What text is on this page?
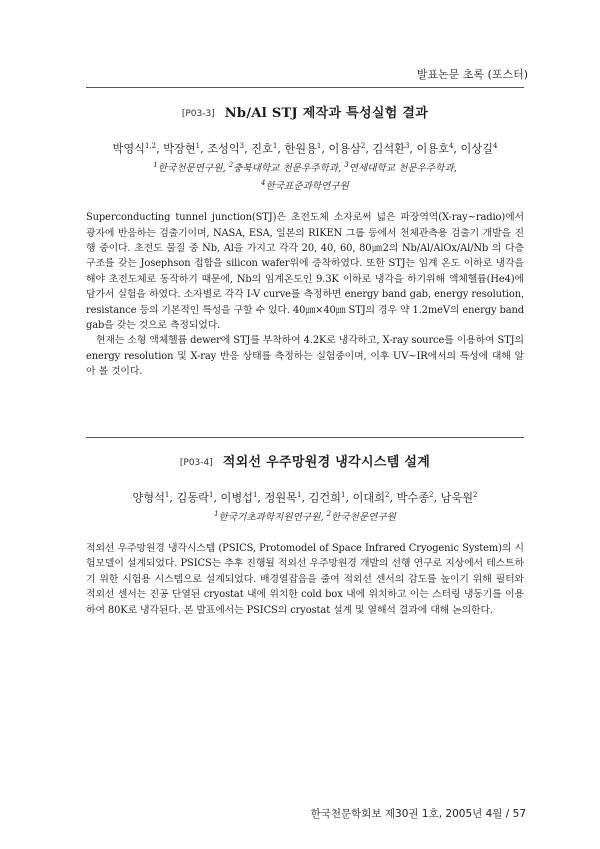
발표논문 초록 (포스터)

[P03-3] Nb/Al STJ 제작과 특성실험 결과

박영식$^{1,2}$, 박장현$^1$, 조성익$^3$, 진호$^1$, 한원용$^1$, 이용삼$^2$, 김석환$^3$, 이용호$^4$, 이상길$^4$

$^1$한국천문연구원, $^2$충북대학교 천문우주학과, $^3$연세대학교 천문우주학과,

$^4$한국표준과학연구원

Superconducting tunnel junction(STJ)은 초전도체 소자로써 넓은 파장역역(X-ray~radio)에서 광자에 반응하는 검출기이며, NASA, ESA, 일본의 RIKEN 그룹 등에서 천체관측용 검출기 개발을 진행 중이다. 초전도 물질 중 Nb, Al을 가지고 각각 20, 40, 60, 80㎛2의 Nb/Al/AlOx/Al/Nb 의 다층 구조를 갖는 Josephson 접합을 silicon wafer위에 증착하였다. 또한 STJ는 임계 온도 이하로 냉각을 해야 초전도체로 동작하기 때문에, Nb의 임계온도인 9.3K 이하로 냉각을 하기위해 액체헬륨(He4)에 담가서 실험을 하였다. 소자별로 각각 I-V curve를 측정하면 energy band gab, energy resolution, resistance 등의 기본적인 특성을 구할 수 있다. 40㎛×40㎛ STJ의 경우 약 1.2meV의 energy band gab을 갖는 것으로 측정되었다.

현재는 소형 액체헬륨 dewer에 STJ를 부착하여 4.2K로 냉각하고, X-ray source를 이용하여 STJ의 energy resolution 및 X-ray 반응 상태를 측정하는 실험중이며, 이후 UV~IR에서의 특성에 대해 알아 볼 것이다.

[P03-4] 적외선 우주망원경 냉각시스템 설계

양형석$^1$, 김동락$^1$, 이병섭$^1$, 정원목$^1$, 김건희$^1$, 이대희$^2$, 박수종$^2$, 남욱원$^2$

$^1$한국기초과학지원연구원, $^2$한국천문연구원

적외선 우주망원경 냉각시스템 (PSICS, Protomodel of Space Infrared Cryogenic System)의 시험모델이 설계되었다. PSICS는 추후 진행될 적외선 우주망원경 개발의 선행 연구로 지상에서 테스트하기 위한 시험용 시스템으로 설계되었다. 배경열잡음을 줄여 적외선 센서의 감도를 높이기 위해 필터와 적외선 센서는 진공 단열된 cryostat 내에 위치한 cold box 내에 위치하고 이는 스터링 냉동기를 이용하여 80K로 냉각된다. 본 발표에서는 PSICS의 cryostat 설계 및 열해석 결과에 대해 논의한다.

한국천문학회보 제30권 1호, 2005년 4월 / 57
